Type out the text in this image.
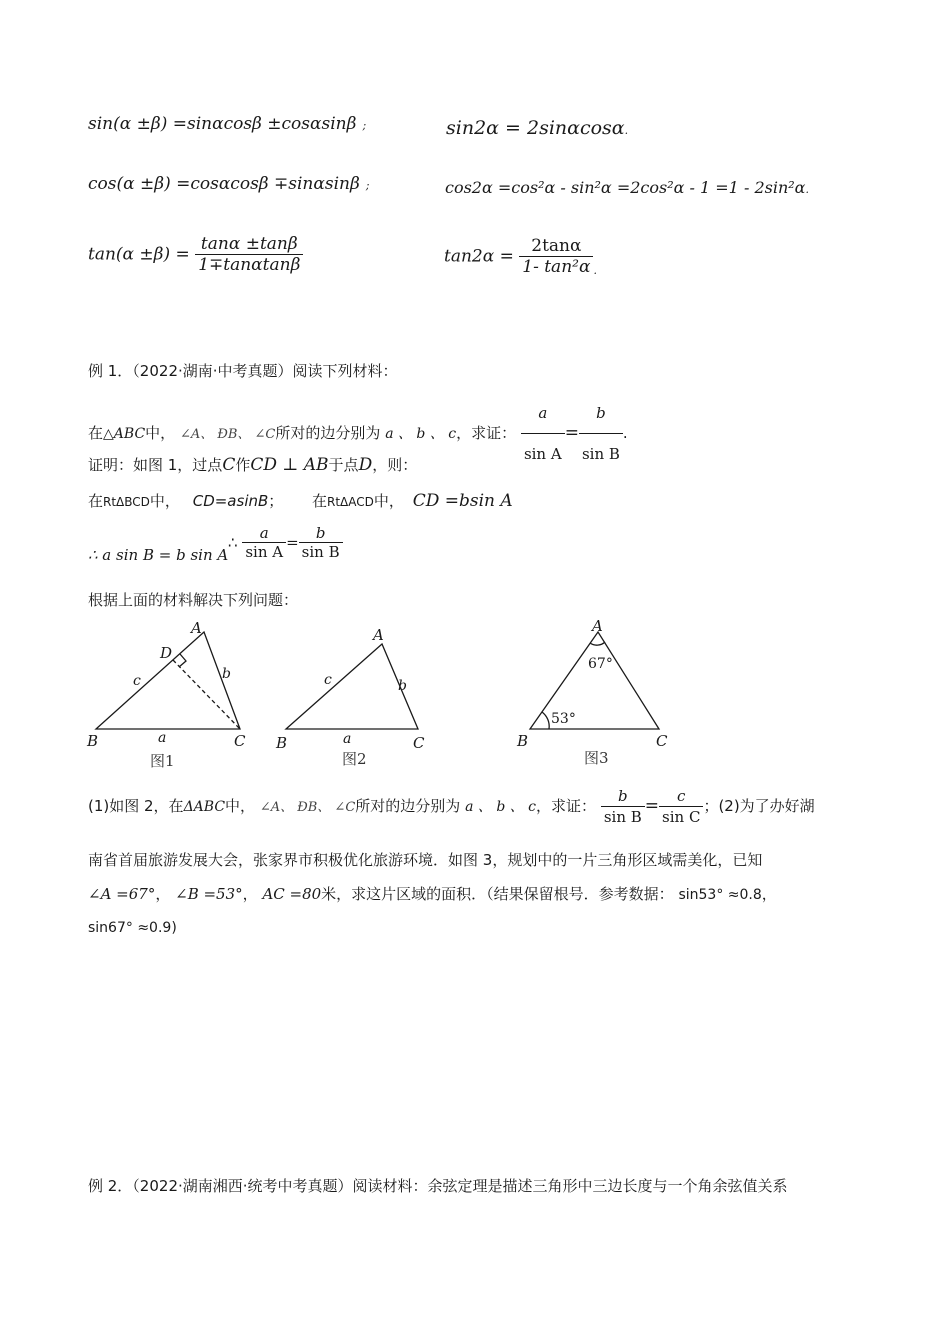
sin(α ±β) =sinαcosβ ±cosαsinβ ;	sin2α = 2sinαcosα.
cos(α ±β) =cosαcosβ ∓sinαsinβ ;	cos2α =cos²α - sin²α =2cos²α - 1 =1 - 2sin²α.
$\tan(\alpha \pm\beta) = \frac{\tan\alpha \pm\tan\beta}{1\mp\tan\alpha\tan\beta}$	$\tan 2\alpha = \frac{2\tan\alpha}{\text{1- tan²α}}$ .
例 1．（2022·湖南·中考真题）阅读下列材料：
在△ABC中， ∠A、 ÐB、 ∠C所对的边分别为 a 、 b 、 c，求证： $\frac{a}{\text{sin A}} = \frac{b}{\text{sin B}}$ .
证明：如图 1，过点C作CD ⊥ AB于点D，则：
在RtΔBCD中， CD=asinB； 在RtΔACD中， CD =bsin A
∴ a sin B = b sin A
∴ $\frac{a}{\text{sin A}} = \frac{b}{\text{sin B}}$
根据上面的材料解决下列问题：
A
D
B	C
c	b
a
图1
A
B	C
c	b
a
图2
A
B	C
67°
53°
图3
(1)如图 2，在ΔABC中， ∠A、 ÐB、 ∠C所对的边分别为 a 、 b 、 c，求证： $\frac{b}{\text{sin B}} = \frac{c}{\text{sin C}}$ ；(2)为了办好湖
南省首届旅游发展大会，张家界市积极优化旅游环境．如图 3，规划中的一片三角形区域需美化，已知
∠A =67°， ∠B =53°， AC =80米，求这片区域的面积．（结果保留根号．参考数据： sin53° ≈0.8，
sin67° ≈0.9)
例 2．（2022·湖南湘西·统考中考真题）阅读材料：余弦定理是描述三角形中三边长度与一个角余弦值关系
